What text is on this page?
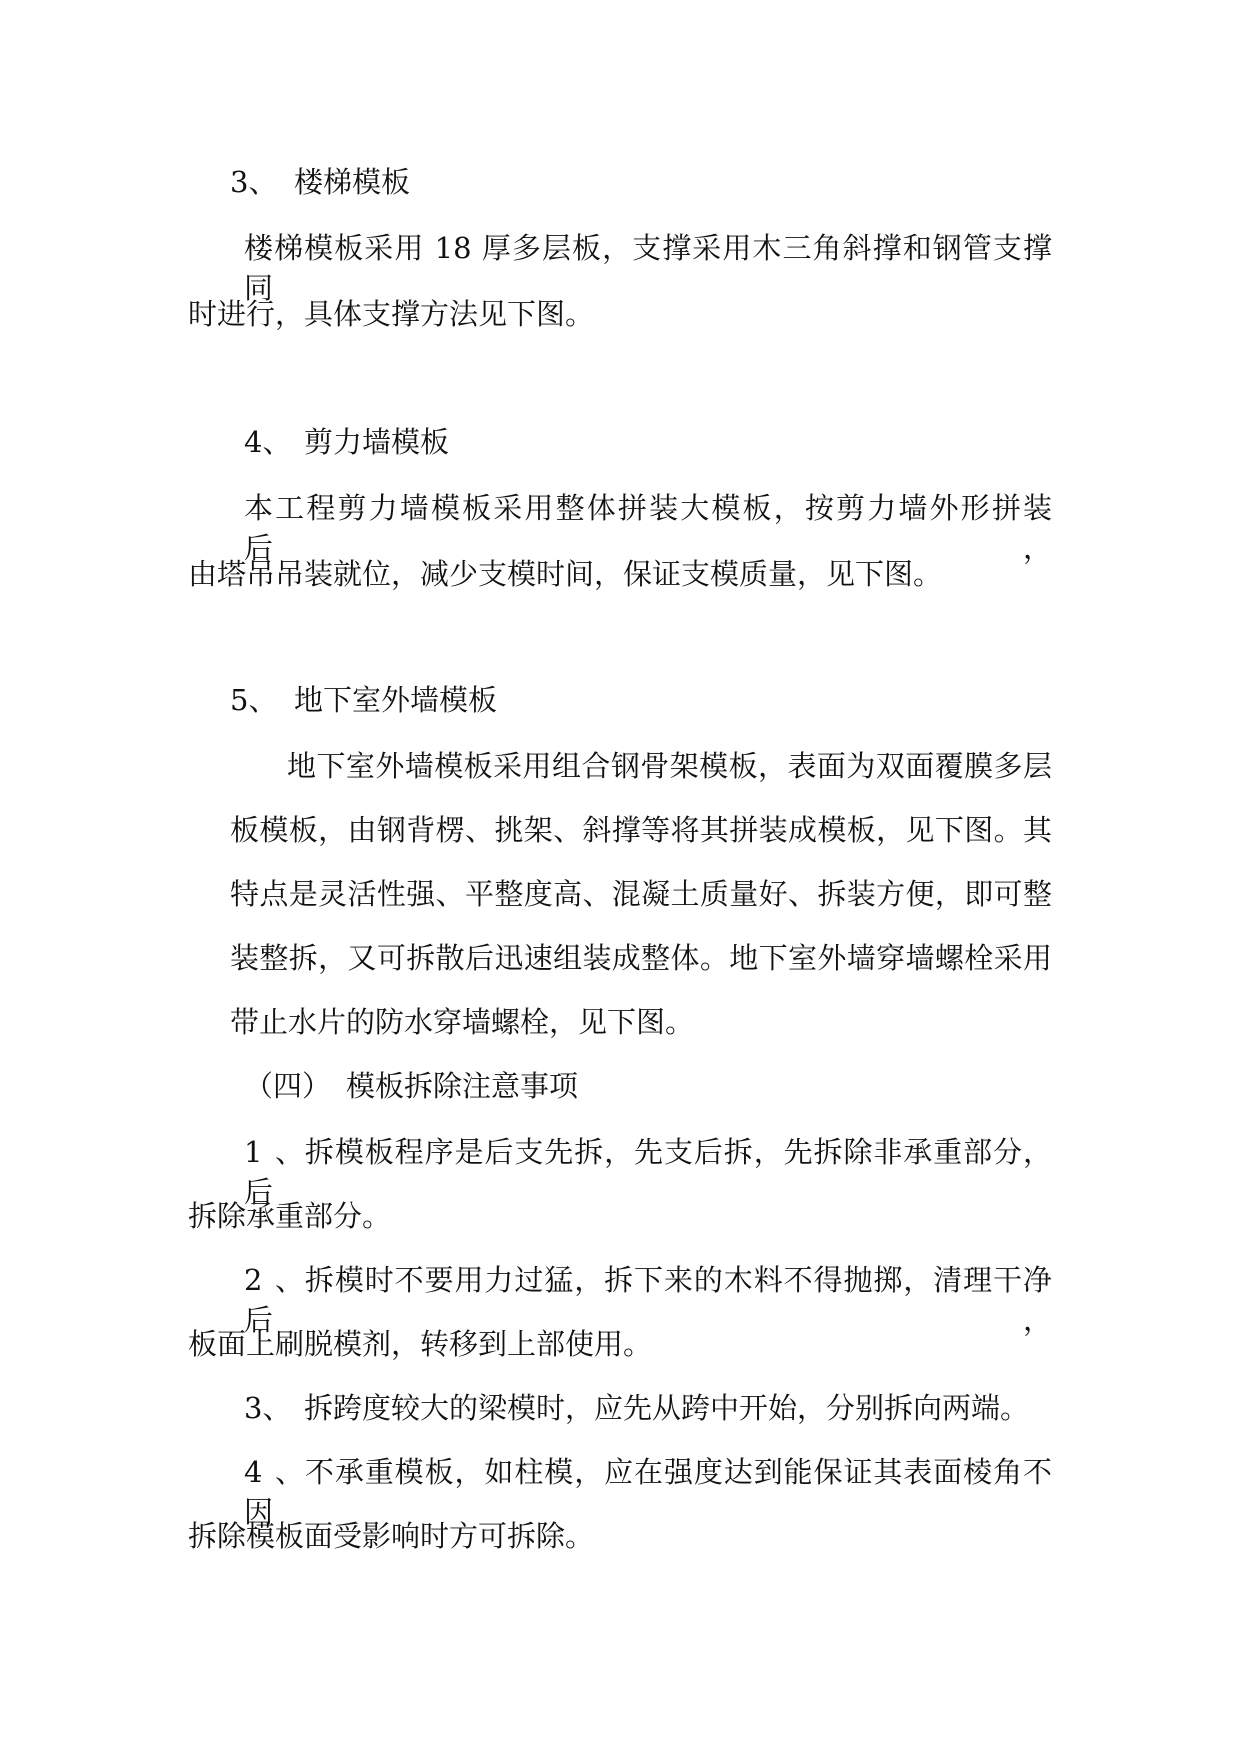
3、 楼梯模板
楼梯模板采用 18 厚多层板，支撑采用木三角斜撑和钢管支撑同
时进行，具体支撑方法见下图。
4、 剪力墙模板
本工程剪力墙模板采用整体拼装大模板，按剪力墙外形拼装后，
由塔吊吊装就位，减少支模时间，保证支模质量，见下图。
5、 地下室外墙模板
地下室外墙模板采用组合钢骨架模板，表面为双面覆膜多层
板模板，由钢背楞、挑架、斜撑等将其拼装成模板，见下图。其
特点是灵活性强、平整度高、混凝土质量好、拆装方便，即可整
装整拆，又可拆散后迅速组装成整体。地下室外墙穿墙螺栓采用
带止水片的防水穿墙螺栓，见下图。
（四） 模板拆除注意事项
1、拆模板程序是后支先拆，先支后拆，先拆除非承重部分，后
拆除承重部分。
2、拆模时不要用力过猛，拆下来的木料不得抛掷，清理干净后，
板面上刷脱模剂，转移到上部使用。
3、 拆跨度较大的梁模时，应先从跨中开始，分别拆向两端。
4、不承重模板，如柱模，应在强度达到能保证其表面棱角不因
拆除模板面受影响时方可拆除。
